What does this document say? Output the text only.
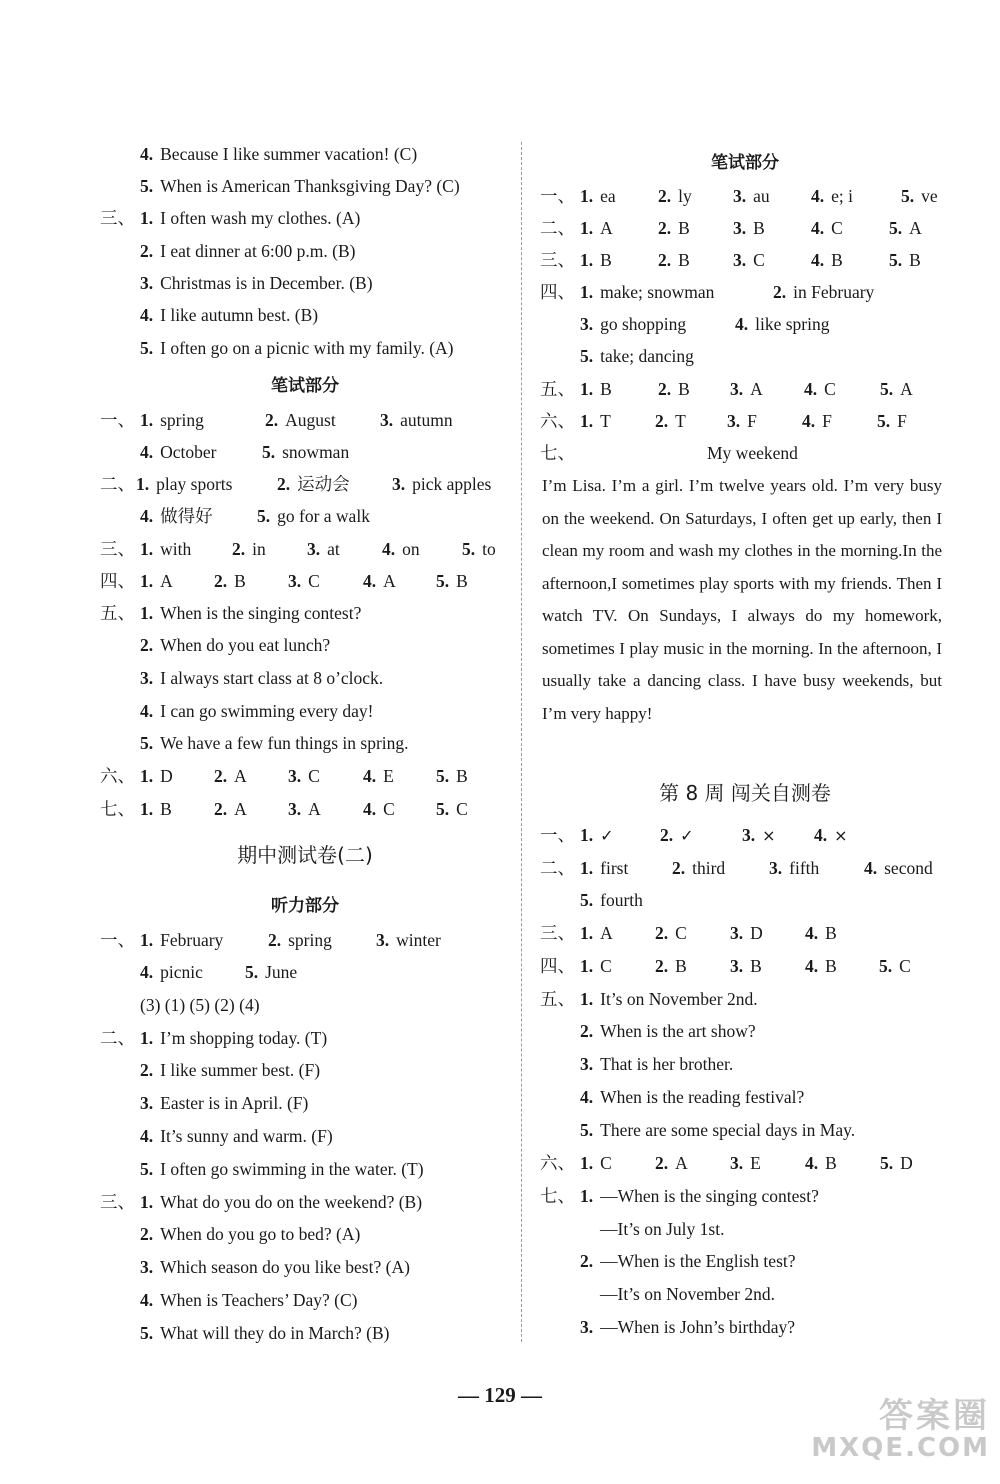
4. Because I like summer vacation! (C)
5. When is American Thanksgiving Day? (C)
三、 1. I often wash my clothes. (A)
2. I eat dinner at 6:00 p.m. (B)
3. Christmas is in December. (B)
4. I like autumn best. (B)
5. I often go on a picnic with my family. (A)
笔试部分
一、 1. spring	2. August	3. autumn
4. October	5. snowman
二、1. play sports	2. 运动会 3. pick apples
4. 做得好	5. go for a walk
三、 1. with 2. in 3. at 4. on 5. to
四、 1. A 2. B 3. C 4. A 5. B
五、 1. When is the singing contest?
2. When do you eat lunch?
3. I always start class at 8 o’clock.
4. I can go swimming every day!
5. We have a few fun things in spring.
六、 1. D 2. A 3. C 4. E 5. B
七、 1. B 2. A 3. A 4. C 5. C
期中测试卷(二)
听力部分
一、 1. February	2. spring	3. winter
4. picnic 5. June
(3) (1) (5) (2) (4)
二、 1. I’m shopping today. (T)
2. I like summer best. (F)
3. Easter is in April. (F)
4. It’s sunny and warm. (F)
5. I often go swimming in the water. (T)
三、 1. What do you do on the weekend? (B)
2. When do you go to bed? (A)
3. Which season do you like best? (A)
4. When is Teachers’ Day? (C)
5. What will they do in March? (B)
笔试部分
一、 1. ea 2. ly 3. au 4. e; i	5. ve
二、 1. A	2. B 3. B	4. C	5. A
三、 1. B	2. B 3. C	4. B	5. B
四、 1. make; snowman	2. in February
3. go shopping	4. like spring
5. take; dancing
五、 1. B	2. B 3. A 4. C	5. A
六、 1. T	2. T 3. F	4. F	5. F
七、	My weekend
I’m Lisa. I’m a girl. I’m twelve years old. I’m very busy on the weekend. On Saturdays, I often get up early, then I clean my room and wash my clothes in the morning.In the afternoon,I sometimes play sports with my friends. Then I watch TV. On Sundays, I always do my homework, sometimes I play music in the morning. In the afternoon, I usually take a dancing class. I have busy weekends, but I’m very happy!
第 8 周 闯关自测卷
一、 1. ✓	2. ✓	3. × 4. ×
二、 1. first 2. third	3. fifth	4. second
5. fourth
三、 1. A 2. C 3. D 4. B
四、 1. C 2. B 3. B 4. B 5. C
五、 1. It’s on November 2nd.
2. When is the art show?
3. That is her brother.
4. When is the reading festival?
5. There are some special days in May.
六、 1. C 2. A 3. E	4. B 5. D
七、 1. —When is the singing contest?
—It’s on July 1st.
2. —When is the English test?
—It’s on November 2nd.
3. —When is John’s birthday?
— 129 —
答案圈
MXQE.COM
